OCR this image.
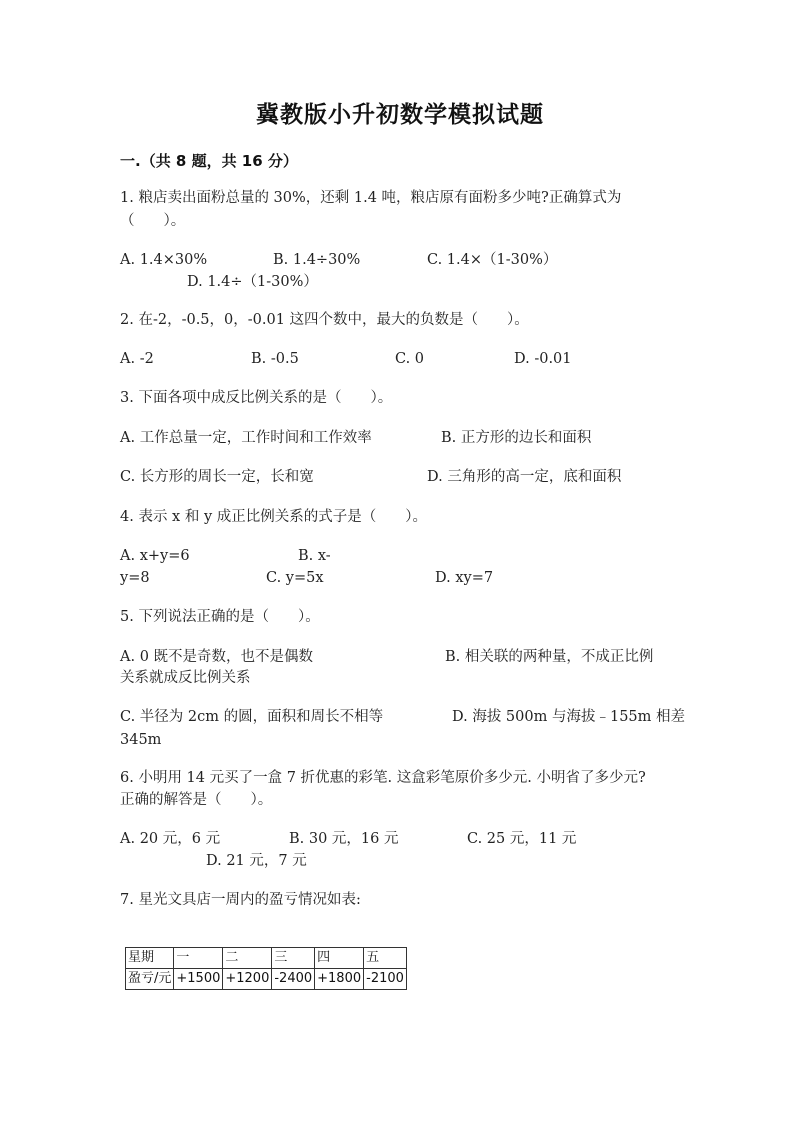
冀教版小升初数学模拟试题
一.（共 8 题，共 16 分）
1. 粮店卖出面粉总量的 30%，还剩 1.4 吨，粮店原有面粉多少吨?正确算式为
（　　）。
A. 1.4×30%	B. 1.4÷30%	C. 1.4×（1-30%）
D. 1.4÷（1-30%）
2. 在-2，-0.5，0，-0.01 这四个数中，最大的负数是（　　）。
A. -2	B. -0.5	C. 0	D. -0.01
3. 下面各项中成反比例关系的是（　　）。
A. 工作总量一定，工作时间和工作效率	B. 正方形的边长和面积
C. 长方形的周长一定，长和宽	D. 三角形的高一定，底和面积
4. 表示 x 和 y 成正比例关系的式子是（　　）。
A. x+y=6	B. x-
y=8	C. y=5x	D. xy=7
5. 下列说法正确的是（　　）。
A. 0 既不是奇数，也不是偶数	B. 相关联的两种量，不成正比例
关系就成反比例关系
C. 半径为 2cm 的圆，面积和周长不相等	D. 海拔 500m 与海拔﹣155m 相差
345m
6. 小明用 14 元买了一盒 7 折优惠的彩笔. 这盒彩笔原价多少元. 小明省了多少元?
正确的解答是（　　）。
A. 20 元，6 元	B. 30 元，16 元	C. 25 元，11 元
D. 21 元，7 元
7. 星光文具店一周内的盈亏情况如表:
星期	一	二	三	四	五
盈亏/元	+1500	+1200	-2400	+1800	-2100
